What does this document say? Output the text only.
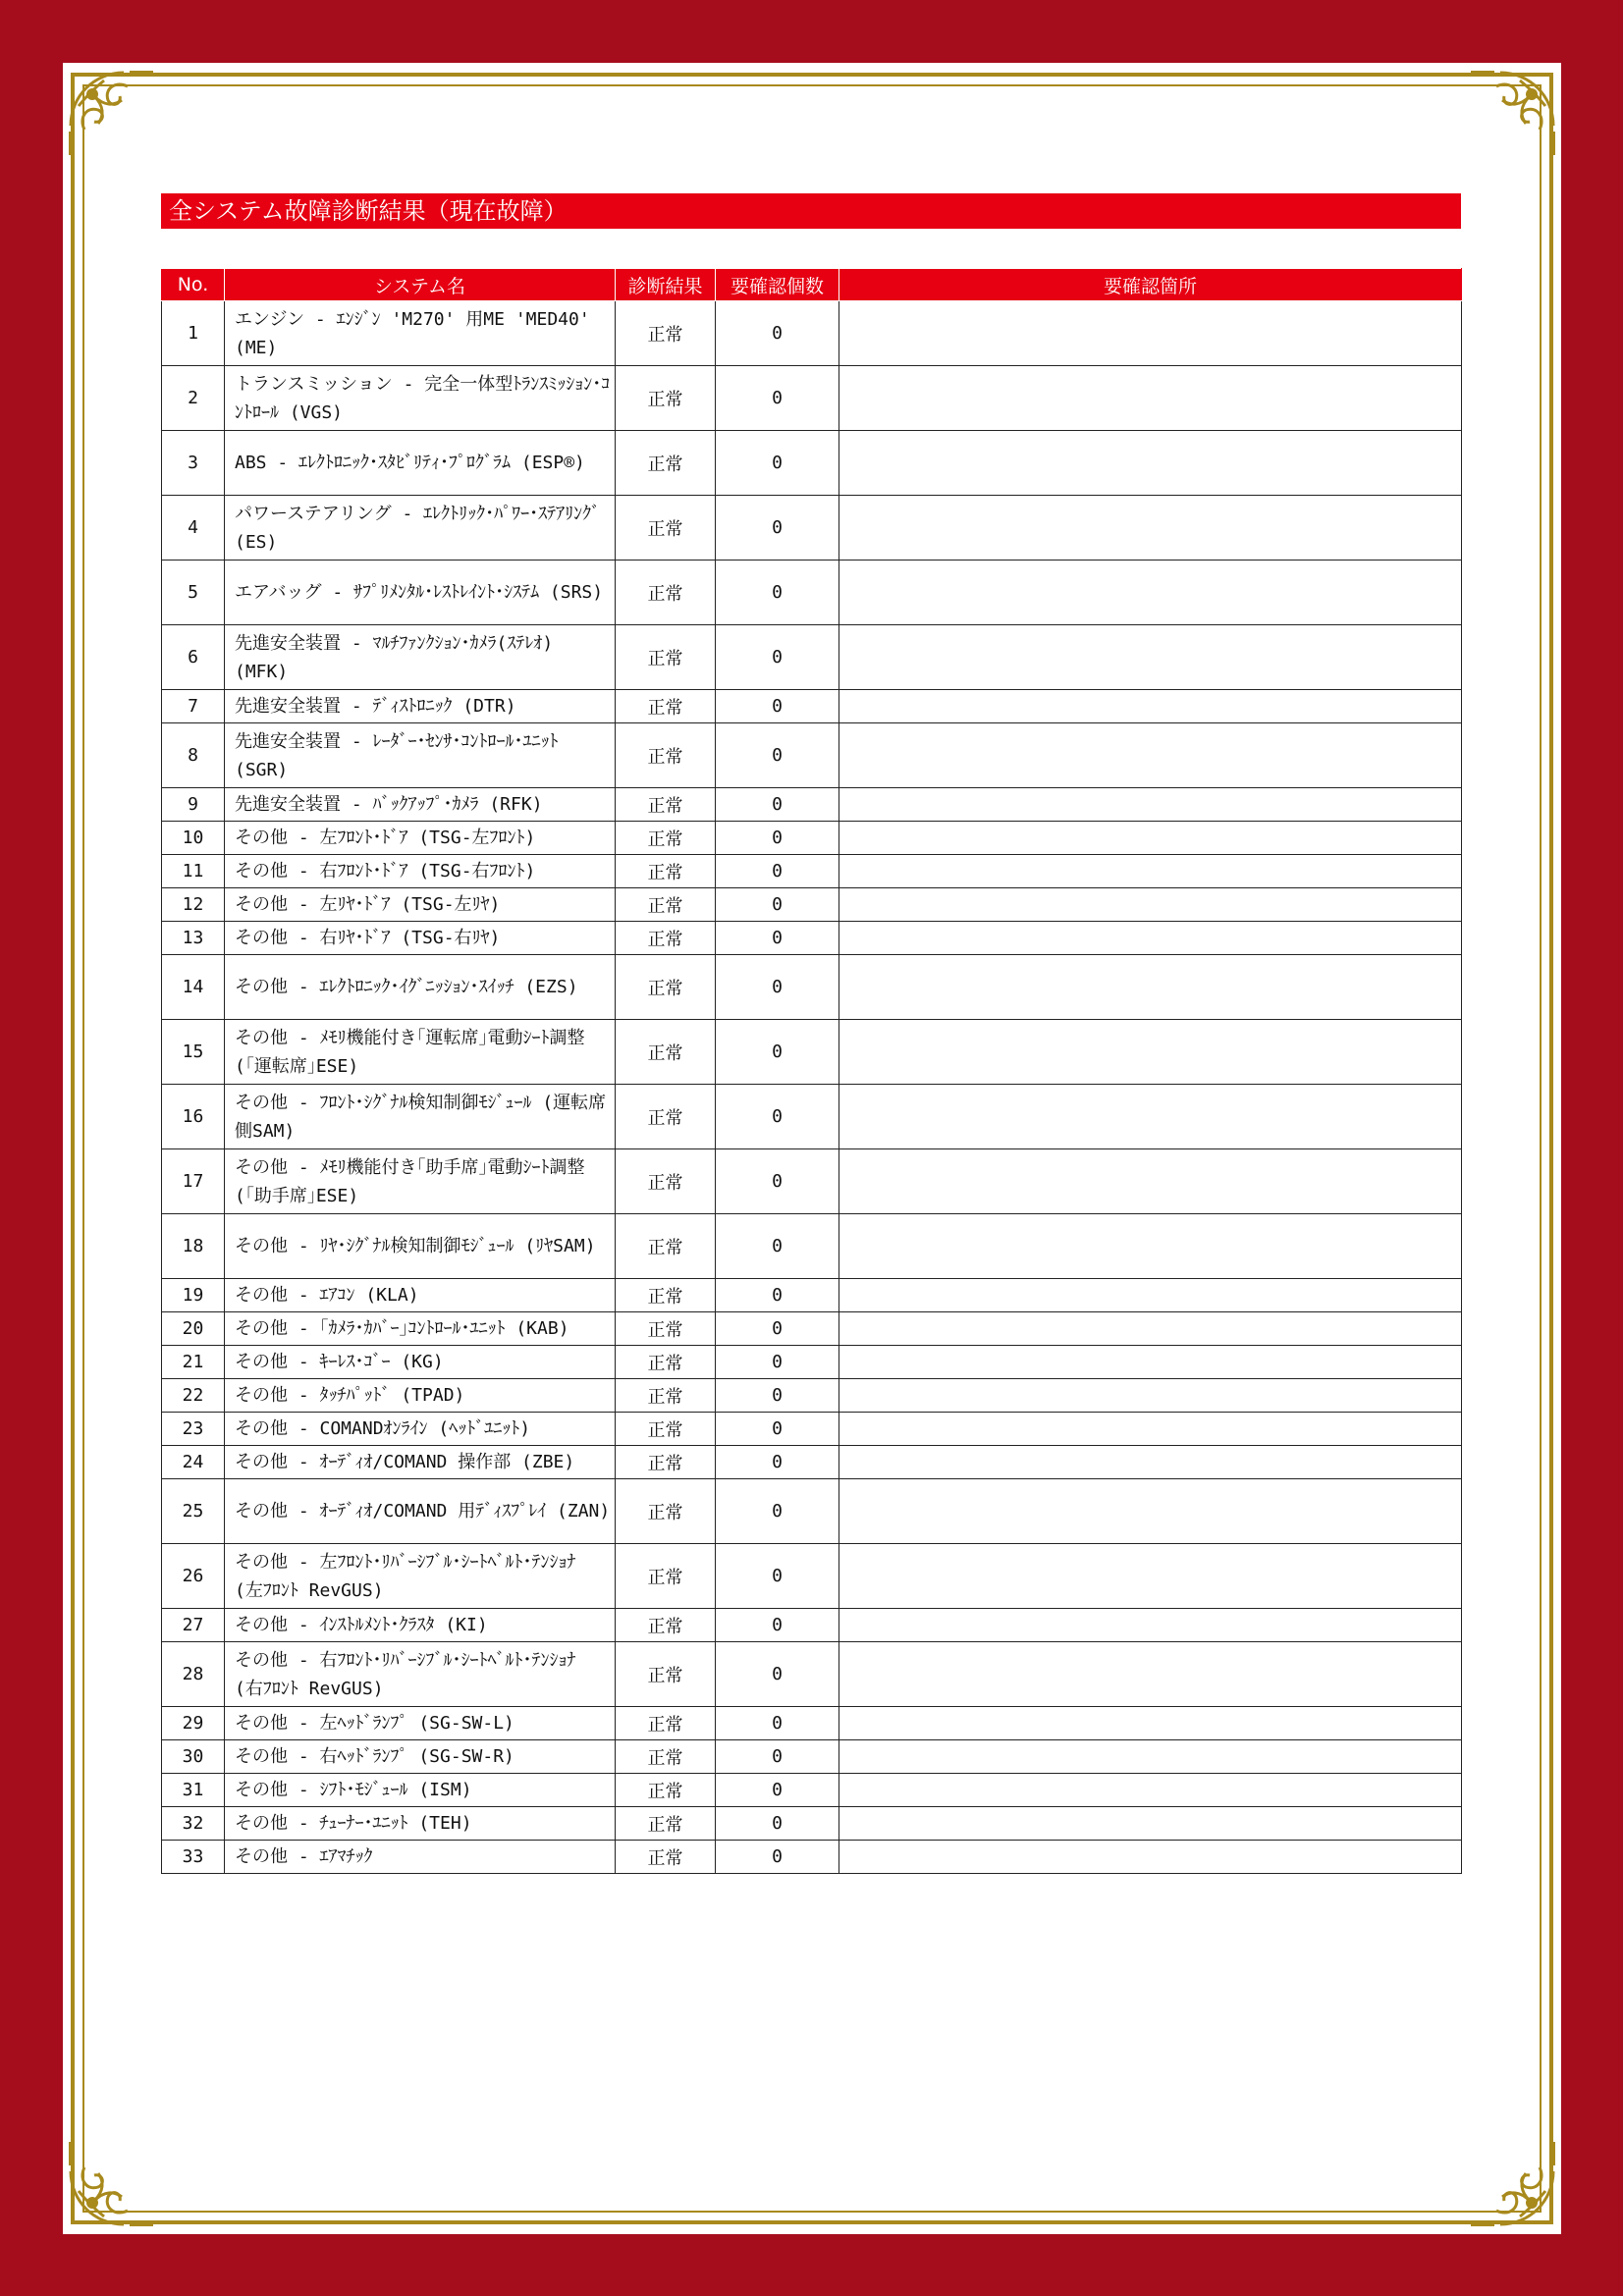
全システム故障診断結果（現在故障）
No.	システム名	診断結果	要確認個数	要確認箇所
1	エンジン - ｴﾝｼﾞﾝ 'M270' 用ME 'MED40' (ME)	正常	0	
2	トランスミッション - 完全一体型ﾄﾗﾝｽﾐｯｼｮﾝ･ｺﾝﾄﾛｰﾙ (VGS)	正常	0	
3	ABS - ｴﾚｸﾄﾛﾆｯｸ･ｽﾀﾋﾞﾘﾃｨ･ﾌﾟﾛｸﾞﾗﾑ (ESP®)	正常	0	
4	パワーステアリング - ｴﾚｸﾄﾘｯｸ･ﾊﾟﾜｰ･ｽﾃｱﾘﾝｸﾞ (ES)	正常	0	
5	エアバッグ - ｻﾌﾟﾘﾒﾝﾀﾙ･ﾚｽﾄﾚｲﾝﾄ･ｼｽﾃﾑ (SRS)	正常	0	
6	先進安全装置 - ﾏﾙﾁﾌｧﾝｸｼｮﾝ･ｶﾒﾗ(ｽﾃﾚｵ) (MFK)	正常	0	
7	先進安全装置 - ﾃﾞｨｽﾄﾛﾆｯｸ (DTR)	正常	0	
8	先進安全装置 - ﾚｰﾀﾞｰ･ｾﾝｻ･ｺﾝﾄﾛｰﾙ･ﾕﾆｯﾄ (SGR)	正常	0	
9	先進安全装置 - ﾊﾞｯｸｱｯﾌﾟ･ｶﾒﾗ (RFK)	正常	0	
10	その他 - 左ﾌﾛﾝﾄ･ﾄﾞｱ (TSG-左ﾌﾛﾝﾄ)	正常	0	
11	その他 - 右ﾌﾛﾝﾄ･ﾄﾞｱ (TSG-右ﾌﾛﾝﾄ)	正常	0	
12	その他 - 左ﾘﾔ･ﾄﾞｱ (TSG-左ﾘﾔ)	正常	0	
13	その他 - 右ﾘﾔ･ﾄﾞｱ (TSG-右ﾘﾔ)	正常	0	
14	その他 - ｴﾚｸﾄﾛﾆｯｸ･ｲｸﾞﾆｯｼｮﾝ･ｽｲｯﾁ (EZS)	正常	0	
15	その他 - ﾒﾓﾘ機能付き｢運転席｣電動ｼｰﾄ調整 (｢運転席｣ESE)	正常	0	
16	その他 - ﾌﾛﾝﾄ･ｼｸﾞﾅﾙ検知制御ﾓｼﾞｭｰﾙ (運転席側SAM)	正常	0	
17	その他 - ﾒﾓﾘ機能付き｢助手席｣電動ｼｰﾄ調整 (｢助手席｣ESE)	正常	0	
18	その他 - ﾘﾔ･ｼｸﾞﾅﾙ検知制御ﾓｼﾞｭｰﾙ (ﾘﾔSAM)	正常	0	
19	その他 - ｴｱｺﾝ (KLA)	正常	0	
20	その他 - ｢ｶﾒﾗ･ｶﾊﾞｰ｣ｺﾝﾄﾛｰﾙ･ﾕﾆｯﾄ (KAB)	正常	0	
21	その他 - ｷｰﾚｽ･ｺﾞｰ (KG)	正常	0	
22	その他 - ﾀｯﾁﾊﾟｯﾄﾞ (TPAD)	正常	0	
23	その他 - COMANDｵﾝﾗｲﾝ (ﾍｯﾄﾞﾕﾆｯﾄ)	正常	0	
24	その他 - ｵｰﾃﾞｨｵ/COMAND 操作部 (ZBE)	正常	0	
25	その他 - ｵｰﾃﾞｨｵ/COMAND 用ﾃﾞｨｽﾌﾟﾚｲ (ZAN)	正常	0	
26	その他 - 左ﾌﾛﾝﾄ･ﾘﾊﾞｰｼﾌﾞﾙ･ｼｰﾄﾍﾞﾙﾄ･ﾃﾝｼｮﾅ (左ﾌﾛﾝﾄ RevGUS)	正常	0	
27	その他 - ｲﾝｽﾄﾙﾒﾝﾄ･ｸﾗｽﾀ (KI)	正常	0	
28	その他 - 右ﾌﾛﾝﾄ･ﾘﾊﾞｰｼﾌﾞﾙ･ｼｰﾄﾍﾞﾙﾄ･ﾃﾝｼｮﾅ (右ﾌﾛﾝﾄ RevGUS)	正常	0	
29	その他 - 左ﾍｯﾄﾞﾗﾝﾌﾟ (SG-SW-L)	正常	0	
30	その他 - 右ﾍｯﾄﾞﾗﾝﾌﾟ (SG-SW-R)	正常	0	
31	その他 - ｼﾌﾄ･ﾓｼﾞｭｰﾙ (ISM)	正常	0	
32	その他 - ﾁｭｰﾅｰ･ﾕﾆｯﾄ (TEH)	正常	0	
33	その他 - ｴｱﾏﾁｯｸ	正常	0	
